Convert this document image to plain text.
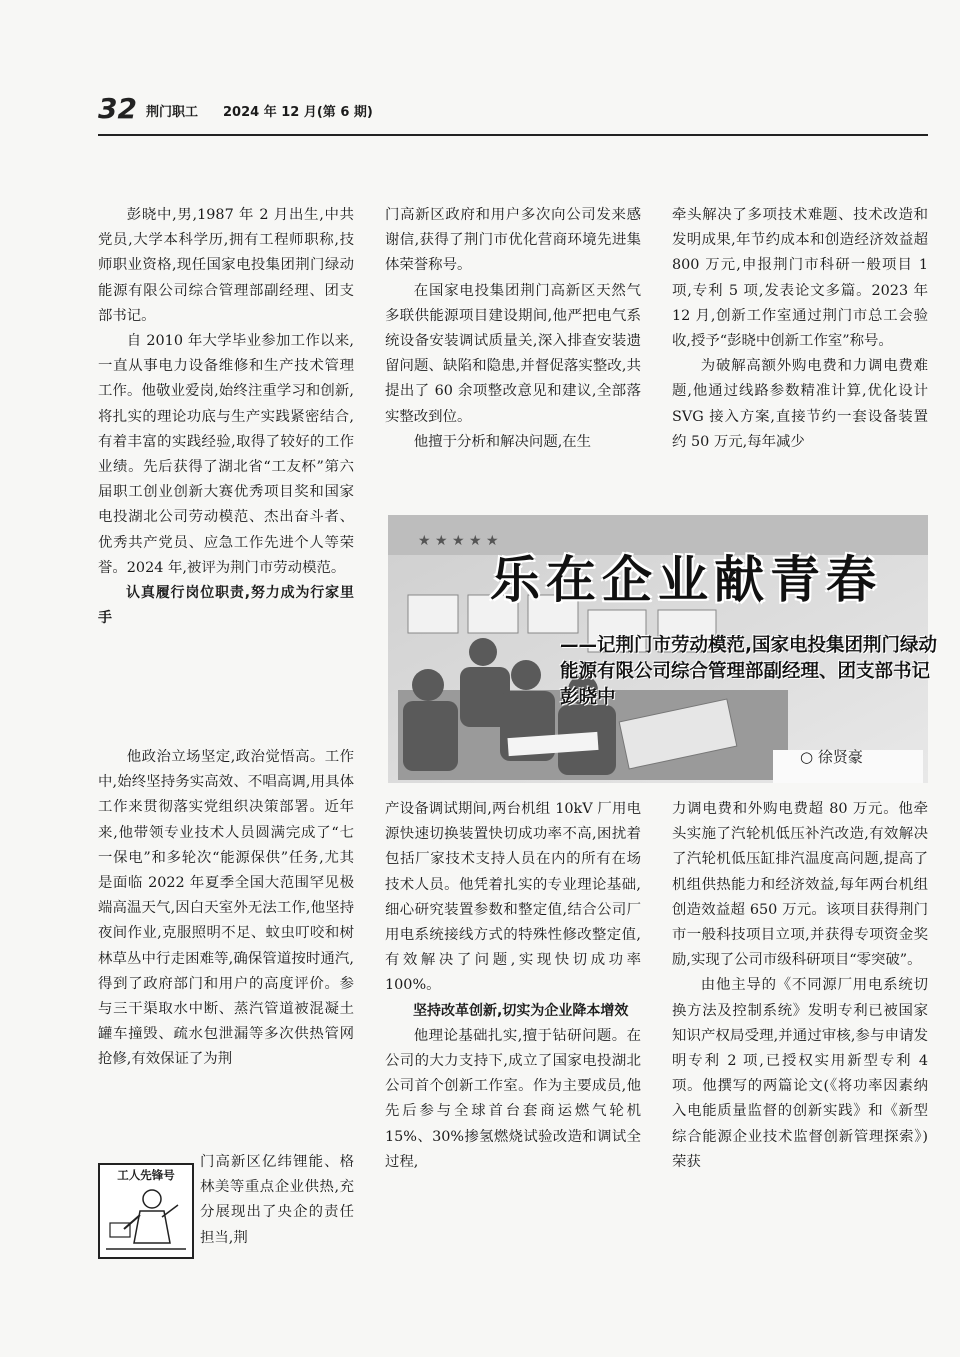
32 荆门职工 2024 年 12 月(第 6 期)

彭晓中,男,1987 年 2 月出生,中共党员,大学本科学历,拥有工程师职称,技师职业资格,现任国家电投集团荆门绿动能源有限公司综合管理部副经理、团支部书记。

自 2010 年大学毕业参加工作以来,一直从事电力设备维修和生产技术管理工作。他敬业爱岗,始终注重学习和创新,将扎实的理论功底与生产实践紧密结合,有着丰富的实践经验,取得了较好的工作业绩。先后获得了湖北省“工友杯”第六届职工创业创新大赛优秀项目奖和国家电投湖北公司劳动模范、杰出奋斗者、优秀共产党员、应急工作先进个人等荣誉。2024 年,被评为荆门市劳动模范。

认真履行岗位职责,努力成为行家里手

他政治立场坚定,政治觉悟高。工作中,始终坚持务实高效、不唱高调,用具体工作来贯彻落实党组织决策部署。近年来,他带领专业技术人员圆满完成了“七一保电”和多轮次“能源保供”任务,尤其是面临 2022 年夏季全国大范围罕见极端高温天气,因白天室外无法工作,他坚持夜间作业,克服照明不足、蚊虫叮咬和树林草丛中行走困难等,确保管道按时通汽,得到了政府部门和用户的高度评价。参与三干渠取水中断、蒸汽管道被混凝土罐车撞毁、疏水包泄漏等多次供热管网抢修,有效保证了为荆

门高新区亿纬锂能、格林美等重点企业供热,充分展现出了央企的责任担当,荆

门高新区政府和用户多次向公司发来感谢信,获得了荆门市优化营商环境先进集体荣誉称号。

在国家电投集团荆门高新区天然气多联供能源项目建设期间,他严把电气系统设备安装调试质量关,深入排查安装遗留问题、缺陷和隐患,并督促落实整改,共提出了 60 余项整改意见和建议,全部落实整改到位。

他擅于分析和解决问题,在生

产设备调试期间,两台机组 10kV 厂用电源快速切换装置快切成功率不高,困扰着包括厂家技术支持人员在内的所有在场技术人员。他凭着扎实的专业理论基础,细心研究装置参数和整定值,结合公司厂用电系统接线方式的特殊性修改整定值,有效解决了问题,实现快切成功率 100%。

坚持改革创新,切实为企业降本增效

他理论基础扎实,擅于钻研问题。在公司的大力支持下,成立了国家电投湖北公司首个创新工作室。作为主要成员,他先后参与全球首台套商运燃气轮机 15%、30%掺氢燃烧试验改造和调试全过程,

牵头解决了多项技术难题、技术改造和发明成果,年节约成本和创造经济效益超 800 万元,申报荆门市科研一般项目 1 项,专利 5 项,发表论文多篇。2023 年 12 月,创新工作室通过荆门市总工会验收,授予“彭晓中创新工作室”称号。

为破解高额外购电费和力调电费难题,他通过线路参数精准计算,优化设计 SVG 接入方案,直接节约一套设备装置约 50 万元,每年减少

力调电费和外购电费超 80 万元。他牵头实施了汽轮机低压补汽改造,有效解决了汽轮机低压缸排汽温度高问题,提高了机组供热能力和经济效益,每年两台机组创造效益超 650 万元。该项目获得荆门市一般科技项目立项,并获得专项资金奖励,实现了公司市级科研项目“零突破”。

由他主导的《不同源厂用电系统切换方法及控制系统》发明专利已被国家知识产权局受理,并通过审核,参与申请发明专利 2 项,已授权实用新型专利 4 项。他撰写的两篇论文(《将功率因素纳入电能质量监督的创新实践》和《新型综合能源企业技术监督创新管理探索》)荣获

★ ★ ★ ★ ★
乐在企业献青春
——记荆门市劳动模范,国家电投集团荆门绿动能源有限公司综合管理部副经理、团支部书记彭晓中
○ 徐贤豪
工人先锋号
